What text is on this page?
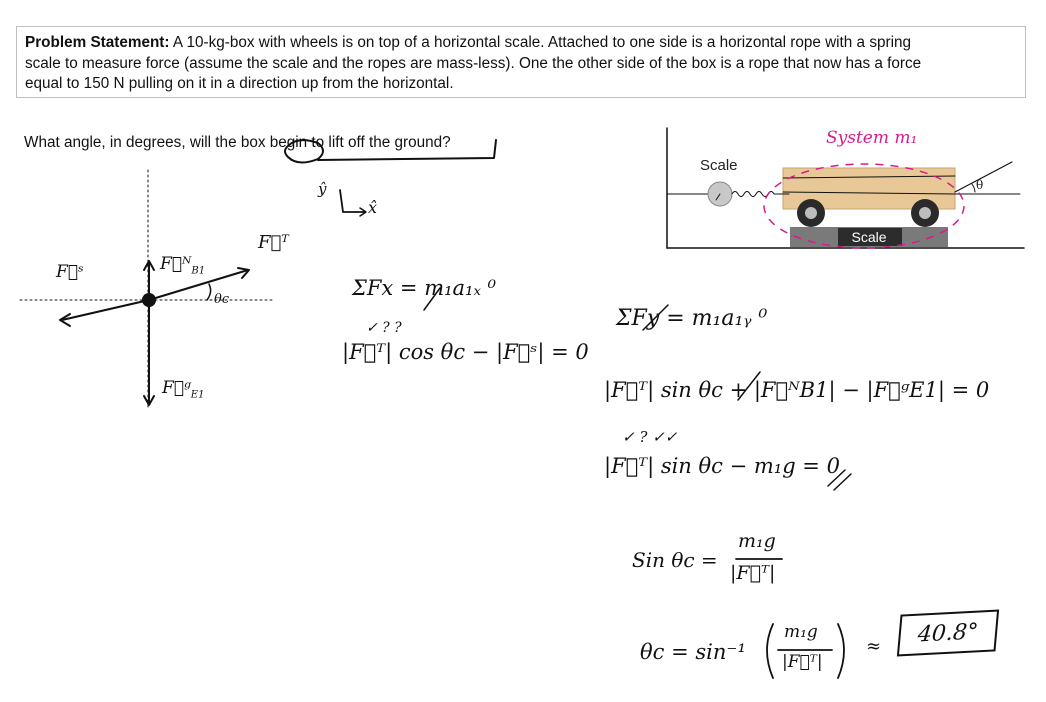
Problem Statement: A 10-kg-box with wheels is on top of a horizontal scale. Attached to one side is a horizontal rope with a spring
scale to measure force (assume the scale and the ropes are mass-less). One the other side of the box is a rope that now has a force
equal to 150 N pulling on it in a direction up from the horizontal.
What angle, in degrees, will the box begin to lift off the ground?
Scale
Scale
θ
System m₁
ŷ
x̂
F⃗ˢ	F⃗ᴺ$_{B1}$
F⃗ᵀ
F⃗ᵍ$_{E1}$
θc	ΣFx = m₁a₁ₓ ⁰
✓ ? ?
|F⃗ᵀ| cos θc − |F⃗ˢ| = 0
ΣFy = m₁a₁ᵧ ⁰
|F⃗ᵀ| sin θc + |F⃗ᴺB1| − |F⃗ᵍE1| = 0
✓ ? ✓✓
|F⃗ᵀ| sin θc − m₁g = 0
Sin θc =
m₁g
|F⃗ᵀ|
θc = sin⁻¹
m₁g
|F⃗ᵀ|
≈	40.8°
